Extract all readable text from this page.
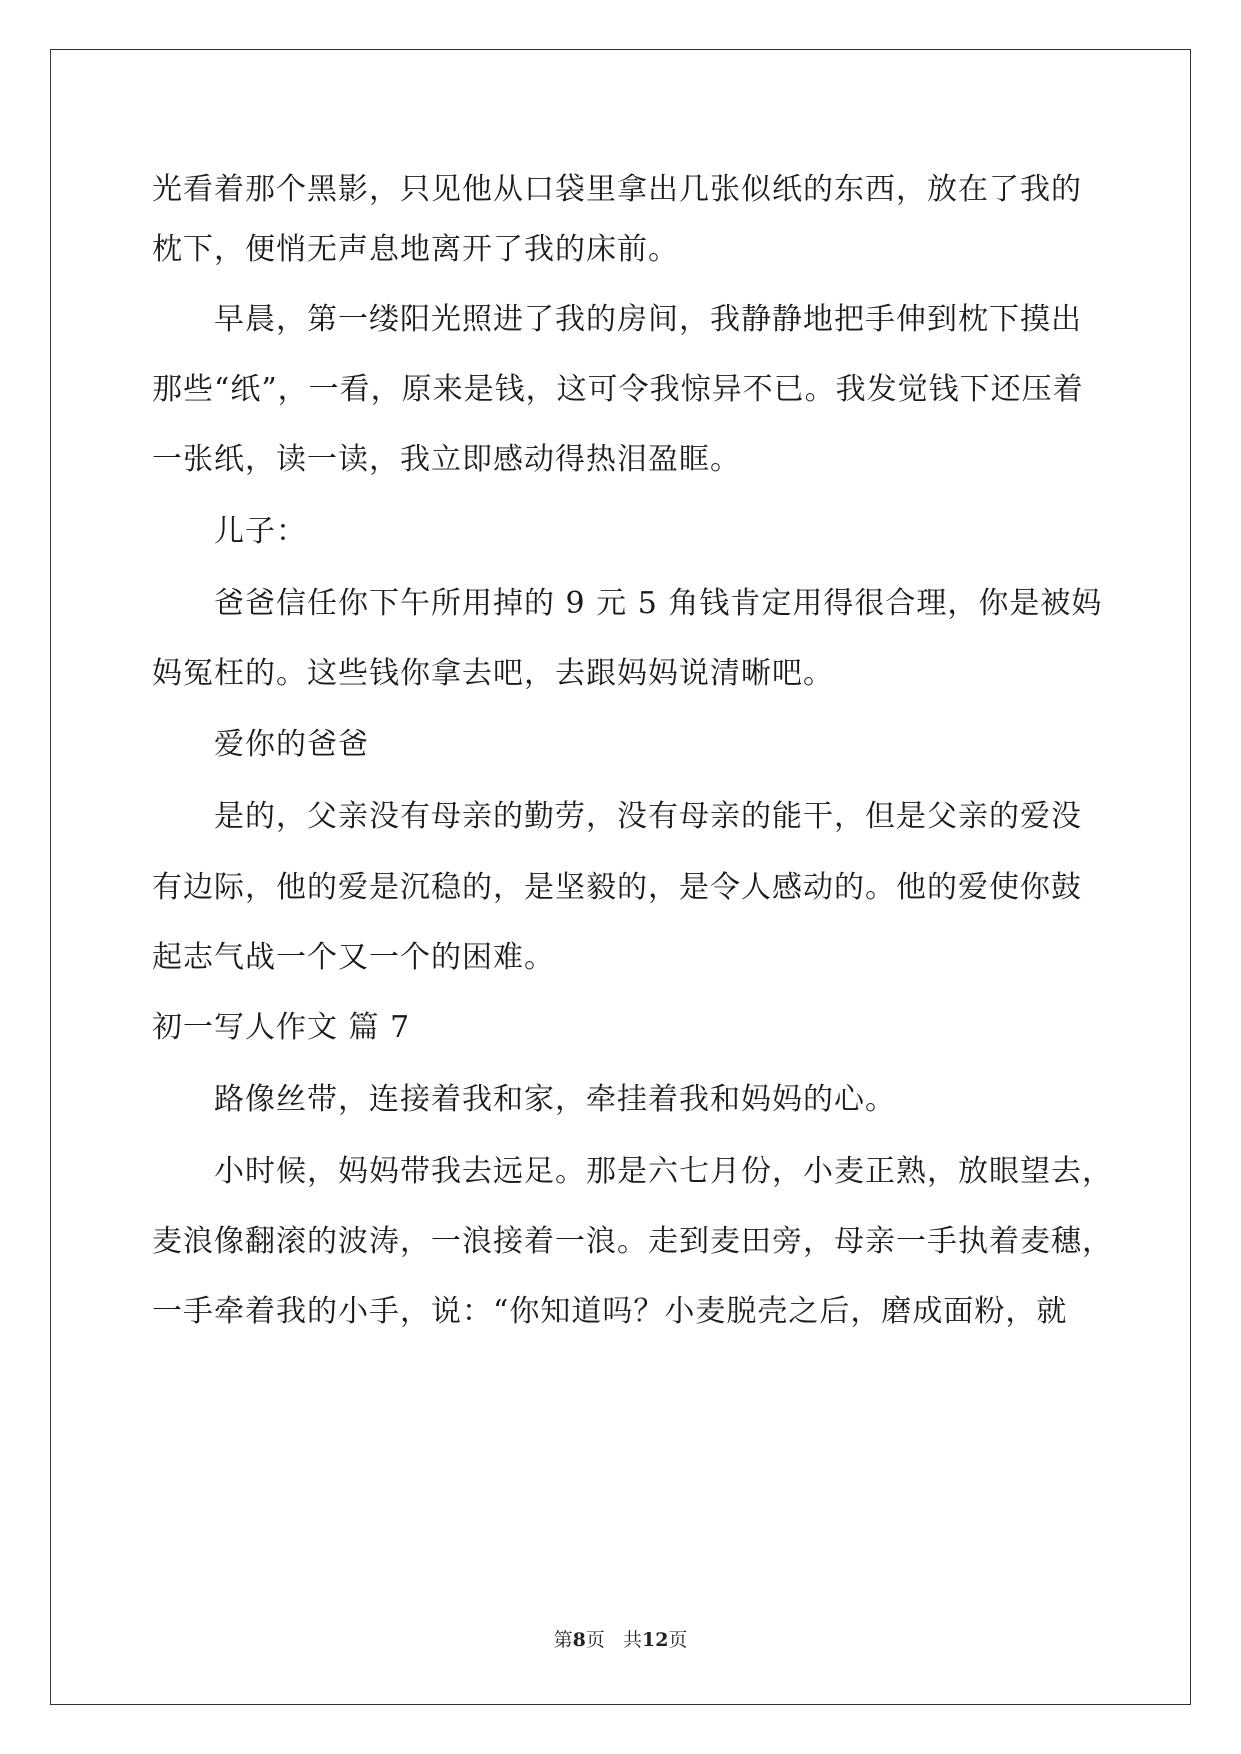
光看着那个黑影，只见他从口袋里拿出几张似纸的东西，放在了我的
枕下，便悄无声息地离开了我的床前。
早晨，第一缕阳光照进了我的房间，我静静地把手伸到枕下摸出
那些“纸”，一看，原来是钱，这可令我惊异不已。我发觉钱下还压着
一张纸，读一读，我立即感动得热泪盈眶。
儿子：
爸爸信任你下午所用掉的 9 元 5 角钱肯定用得很合理，你是被妈
妈冤枉的。这些钱你拿去吧，去跟妈妈说清晰吧。
爱你的爸爸
是的，父亲没有母亲的勤劳，没有母亲的能干，但是父亲的爱没
有边际，他的爱是沉稳的，是坚毅的，是令人感动的。他的爱使你鼓
起志气战一个又一个的困难。
初一写人作文 篇 7
路像丝带，连接着我和家，牵挂着我和妈妈的心。
小时候，妈妈带我去远足。那是六七月份，小麦正熟，放眼望去，
麦浪像翻滚的波涛，一浪接着一浪。走到麦田旁，母亲一手执着麦穗，
一手牵着我的小手，说：“你知道吗？小麦脱壳之后，磨成面粉，就
第8页 共12页
